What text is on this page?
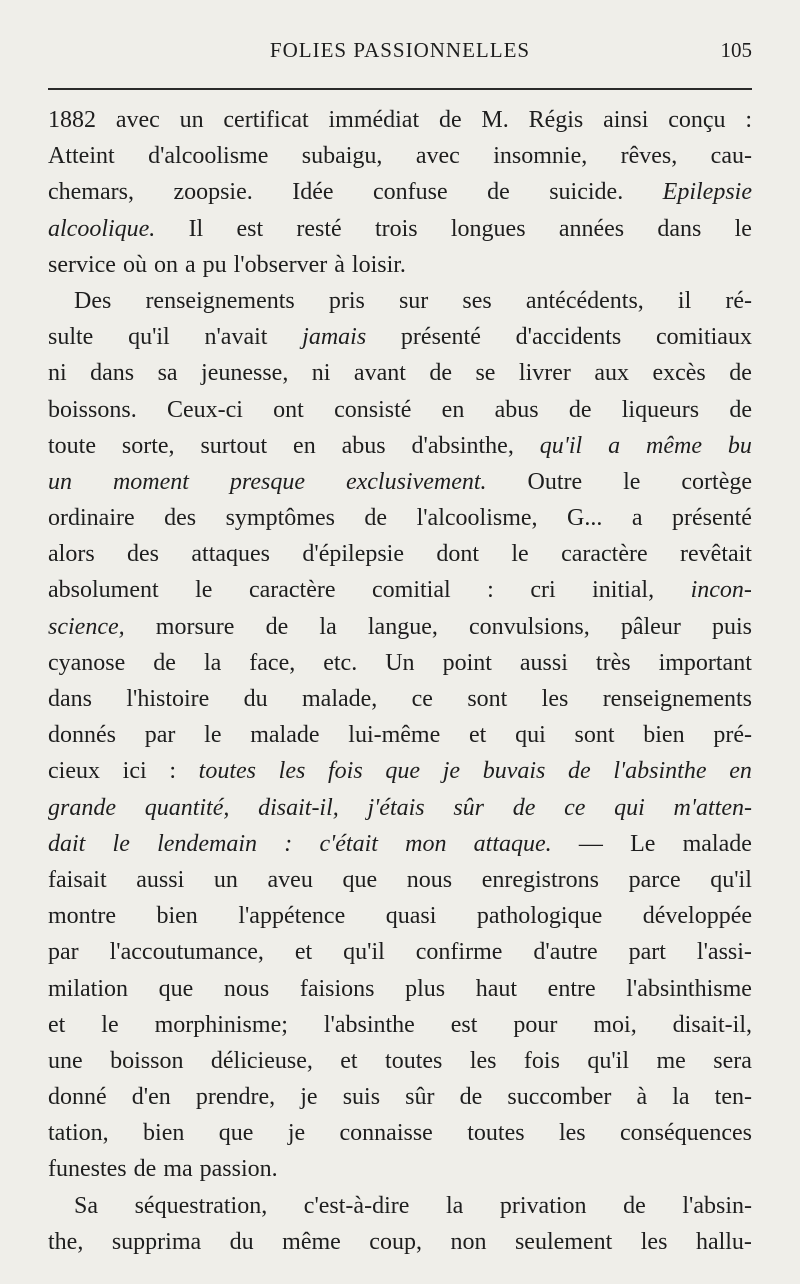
FOLIES PASSIONNELLES	105
1882 avec un certificat immédiat de M. Régis ainsi conçu :
Atteint d'alcoolisme subaigu, avec insomnie, rêves, cau-
chemars, zoopsie. Idée confuse de suicide. Epilepsie
alcoolique. Il est resté trois longues années dans le
service où on a pu l'observer à loisir.
Des renseignements pris sur ses antécédents, il ré-
sulte qu'il n'avait jamais présenté d'accidents comitiaux
ni dans sa jeunesse, ni avant de se livrer aux excès de
boissons. Ceux-ci ont consisté en abus de liqueurs de
toute sorte, surtout en abus d'absinthe, qu'il a même bu
un moment presque exclusivement. Outre le cortège
ordinaire des symptômes de l'alcoolisme, G... a présenté
alors des attaques d'épilepsie dont le caractère revêtait
absolument le caractère comitial : cri initial, incon-
science, morsure de la langue, convulsions, pâleur puis
cyanose de la face, etc. Un point aussi très important
dans l'histoire du malade, ce sont les renseignements
donnés par le malade lui-même et qui sont bien pré-
cieux ici : toutes les fois que je buvais de l'absinthe en
grande quantité, disait-il, j'étais sûr de ce qui m'atten-
dait le lendemain : c'était mon attaque. — Le malade
faisait aussi un aveu que nous enregistrons parce qu'il
montre bien l'appétence quasi pathologique développée
par l'accoutumance, et qu'il confirme d'autre part l'assi-
milation que nous faisions plus haut entre l'absinthisme
et le morphinisme; l'absinthe est pour moi, disait-il,
une boisson délicieuse, et toutes les fois qu'il me sera
donné d'en prendre, je suis sûr de succomber à la ten-
tation, bien que je connaisse toutes les conséquences
funestes de ma passion.
Sa séquestration, c'est-à-dire la privation de l'absin-
the, supprima du même coup, non seulement les hallu-
